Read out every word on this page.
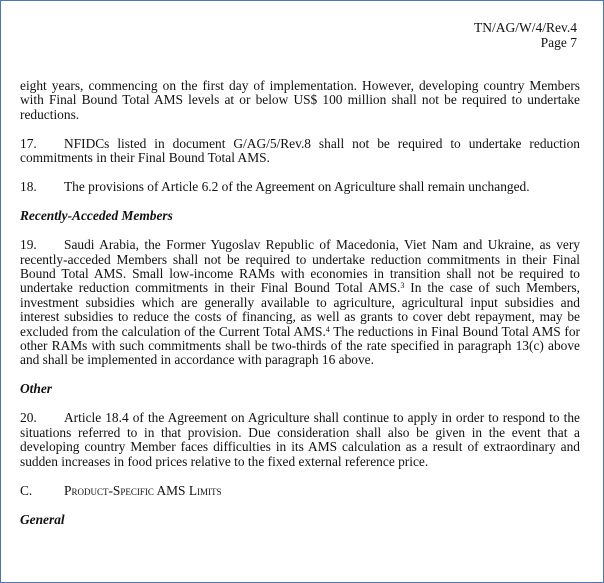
TN/AG/W/4/Rev.4
Page 7

eight years, commencing on the first day of implementation. However, developing country Members with Final Bound Total AMS levels at or below US$ 100 million shall not be required to undertake reductions.

17. NFIDCs listed in document G/AG/5/Rev.8 shall not be required to undertake reduction commitments in their Final Bound Total AMS.

18. The provisions of Article 6.2 of the Agreement on Agriculture shall remain unchanged.

Recently-Acceded Members

19. Saudi Arabia, the Former Yugoslav Republic of Macedonia, Viet Nam and Ukraine, as very recently-acceded Members shall not be required to undertake reduction commitments in their Final Bound Total AMS. Small low-income RAMs with economies in transition shall not be required to undertake reduction commitments in their Final Bound Total AMS.$^3$ In the case of such Members, investment subsidies which are generally available to agriculture, agricultural input subsidies and interest subsidies to reduce the costs of financing, as well as grants to cover debt repayment, may be excluded from the calculation of the Current Total AMS.$^4$ The reductions in Final Bound Total AMS for other RAMs with such commitments shall be two-thirds of the rate specified in paragraph 13(c) above and shall be implemented in accordance with paragraph 16 above.

Other

20. Article 18.4 of the Agreement on Agriculture shall continue to apply in order to respond to the situations referred to in that provision. Due consideration shall also be given in the event that a developing country Member faces difficulties in its AMS calculation as a result of extraordinary and sudden increases in food prices relative to the fixed external reference price.

C. Product-Specific AMS Limits

General
